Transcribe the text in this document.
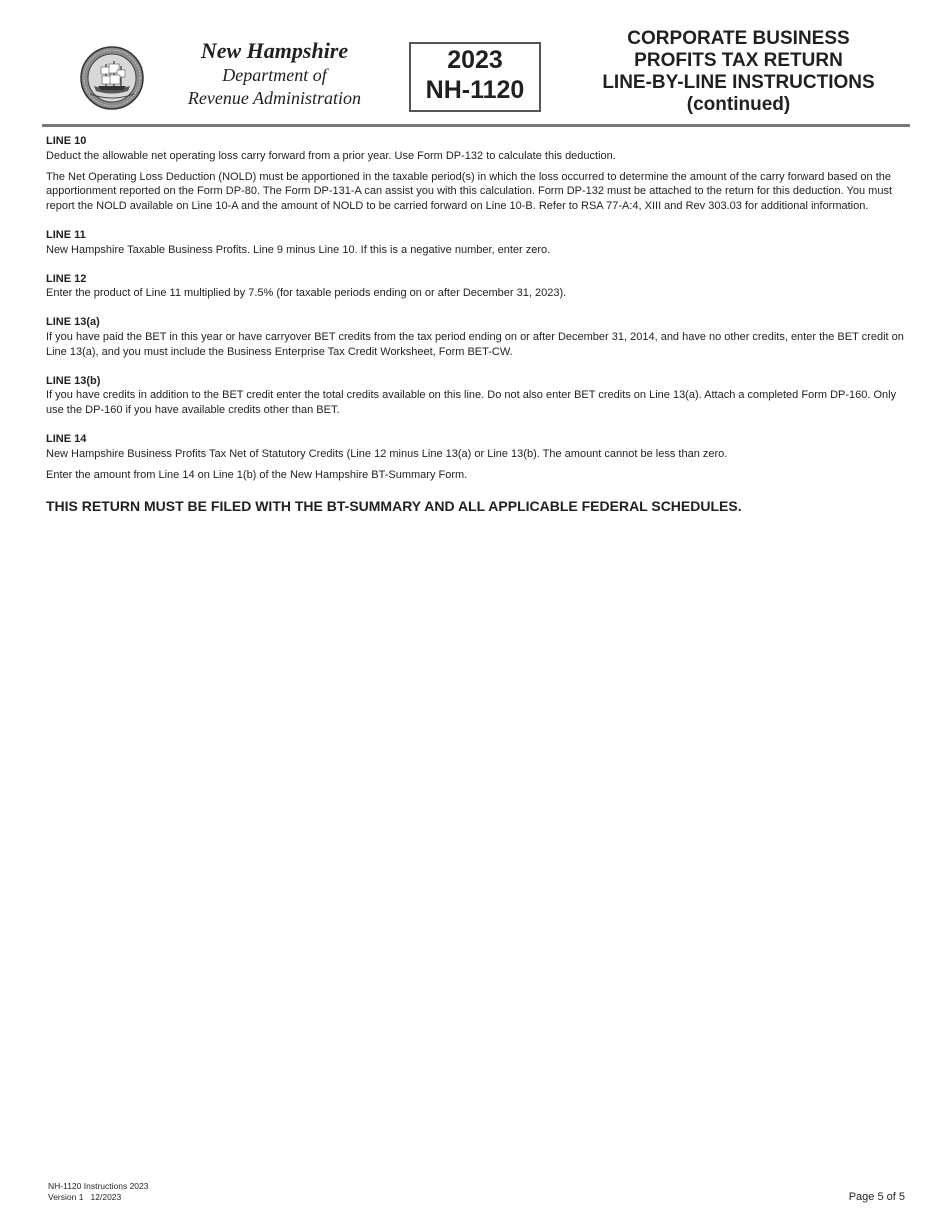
New Hampshire
Department of
Revenue Administration
2023
NH-1120
CORPORATE BUSINESS
PROFITS TAX RETURN
LINE-BY-LINE INSTRUCTIONS
(continued)
LINE 10

Deduct the allowable net operating loss carry forward from a prior year. Use Form DP-132 to calculate this deduction.

The Net Operating Loss Deduction (NOLD) must be apportioned in the taxable period(s) in which the loss occurred to determine the amount of the carry forward based on the apportionment reported on the Form DP-80. The Form DP-131-A can assist you with this calculation. Form DP-132 must be attached to the return for this deduction. You must report the NOLD available on Line 10-A and the amount of NOLD to be carried forward on Line 10-B. Refer to RSA 77-A:4, XIII and Rev 303.03 for additional information.

LINE 11

New Hampshire Taxable Business Profits. Line 9 minus Line 10. If this is a negative number, enter zero.

LINE 12

Enter the product of Line 11 multiplied by 7.5% (for taxable periods ending on or after December 31, 2023).

LINE 13(a)

If you have paid the BET in this year or have carryover BET credits from the tax period ending on or after December 31, 2014, and have no other credits, enter the BET credit on Line 13(a), and you must include the Business Enterprise Tax Credit Worksheet, Form BET-CW.

LINE 13(b)

If you have credits in addition to the BET credit enter the total credits available on this line. Do not also enter BET credits on Line 13(a). Attach a completed Form DP-160. Only use the DP-160 if you have available credits other than BET.

LINE 14

New Hampshire Business Profits Tax Net of Statutory Credits (Line 12 minus Line 13(a) or Line 13(b). The amount cannot be less than zero.

Enter the amount from Line 14 on Line 1(b) of the New Hampshire BT-Summary Form.

THIS RETURN MUST BE FILED WITH THE BT-SUMMARY AND ALL APPLICABLE FEDERAL SCHEDULES.
NH-1120 Instructions 2023
Version 1   12/2023	Page 5 of 5
